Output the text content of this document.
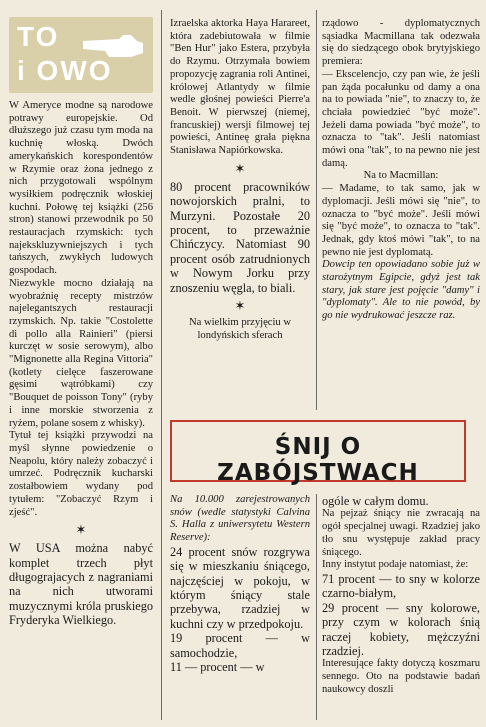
TO
i OWO

W Ameryce modne są narodowe potrawy europejskie. Od dłuższego już czasu tym moda na kuchnię włoską. Dwóch amerykańskich korespondentów w Rzymie oraz żona jednego z nich przygotowali wspólnym wysiłkiem podręcznik włoskiej kuchni. Połowę tej książki (256 stron) stanowi przewodnik po 50 restauracjach rzymskich: tych najekskluzywniejszych i tych tańszych, zwykłych ludowych gospodach.

Niezwykle mocno działają na wyobraźnię recepty mistrzów najelegantszych restauracji rzymskich. Np. takie "Costolette di pollo alla Rainieri" (piersi kurczęt w sosie serowym), albo "Mignonette alla Regina Vittoria" (kotlety cielęce faszerowane gęsimi wątróbkami) czy "Bouquet de poisson Tony" (ryby i inne morskie stworzenia z ryżem, polane sosem z whisky).

Tytuł tej książki przywodzi na myśl słynne powiedzenie o Neapolu, który należy zobaczyć i umrzeć. Podręcznik kucharski zostałbowiem wydany pod tytułem: "Zobaczyć Rzym i zjeść".

✶

W USA można nabyć komplet trzech płyt długograjacych z nagraniami na nich utworami muzycznymi króla pruskiego Fryderyka Wielkiego.

Izraelska aktorka Haya Harareet, która zadebiutowała w filmie "Ben Hur" jako Estera, przybyła do Rzymu. Otrzymała bowiem propozycję zagrania roli Antinei, królowej Atlantydy w filmie wedle głośnej powieści Pierre'a Benoit. W pierwszej (niemej, francuskiej) wersji filmowej tej powieści, Antineę grała piękna Stanisława Napiórkowska.

✶

80 procent pracowników nowojorskich pralni, to Murzyni. Pozostałe 20 procent, to przeważnie Chińczycy. Natomiast 90 procent osób zatrudnionych w Nowym Jorku przy znoszeniu węgla, to biali.

✶

Na wielkim przyjęciu w londyńskich sferach

rządowo - dyplomatycznych sąsiadka Macmillana tak odezwała się do siedzącego obok brytyjskiego premiera:

— Ekscelencjo, czy pan wie, że jeśli pan żąda pocałunku od damy a ona na to powiada "nie", to znaczy to, że chciała powiedzieć "być może". Jeżeli dama powiada "być może", to oznacza to "tak". Jeśli natomiast mówi ona "tak", to na pewno nie jest damą.

Na to Macmillan:

— Madame, to tak samo, jak w dyplomacji. Jeśli mówi się "nie", to oznacza to "być może". Jeśli mówi się "być może", to oznacza to "tak". Jednak, gdy ktoś mówi "tak", to na pewno nie jest dyplomatą.

Dowcip ten opowiadano sobie już w starożytnym Egipcie, gdyż jest tak stary, jak stare jest pojęcie "damy" i "dyplomaty". Ale to nie powód, by go nie wydrukować jeszcze raz.

ŚNIJ O ZABÓJSTWACH

Na 10.000 zarejestrowanych snów (wedle statystyki Calvina S. Halla z uniwersytetu Western Reserve):

24 procent snów rozgrywa się w mieszkaniu śniącego, najczęściej w pokoju, w którym śniący stale przebywa, rzadziej w kuchni czy w przedpokoju.

19 procent — w samochodzie,

11 — procent — w

ogóle w całym domu.

Na pejzaż śniący nie zwracają na ogół specjalnej uwagi. Rzadziej jako tło snu występuje zakład pracy śniącego.

Inny instytut podaje natomiast, że:

71 procent — to sny w kolorze czarno-białym,

29 procent — sny kolorowe, przy czym w kolorach śnią raczej kobiety, mężczyźni rzadziej.

Interesujące fakty dotyczą koszmaru sennego. Oto na podstawie badań naukowcy doszli
